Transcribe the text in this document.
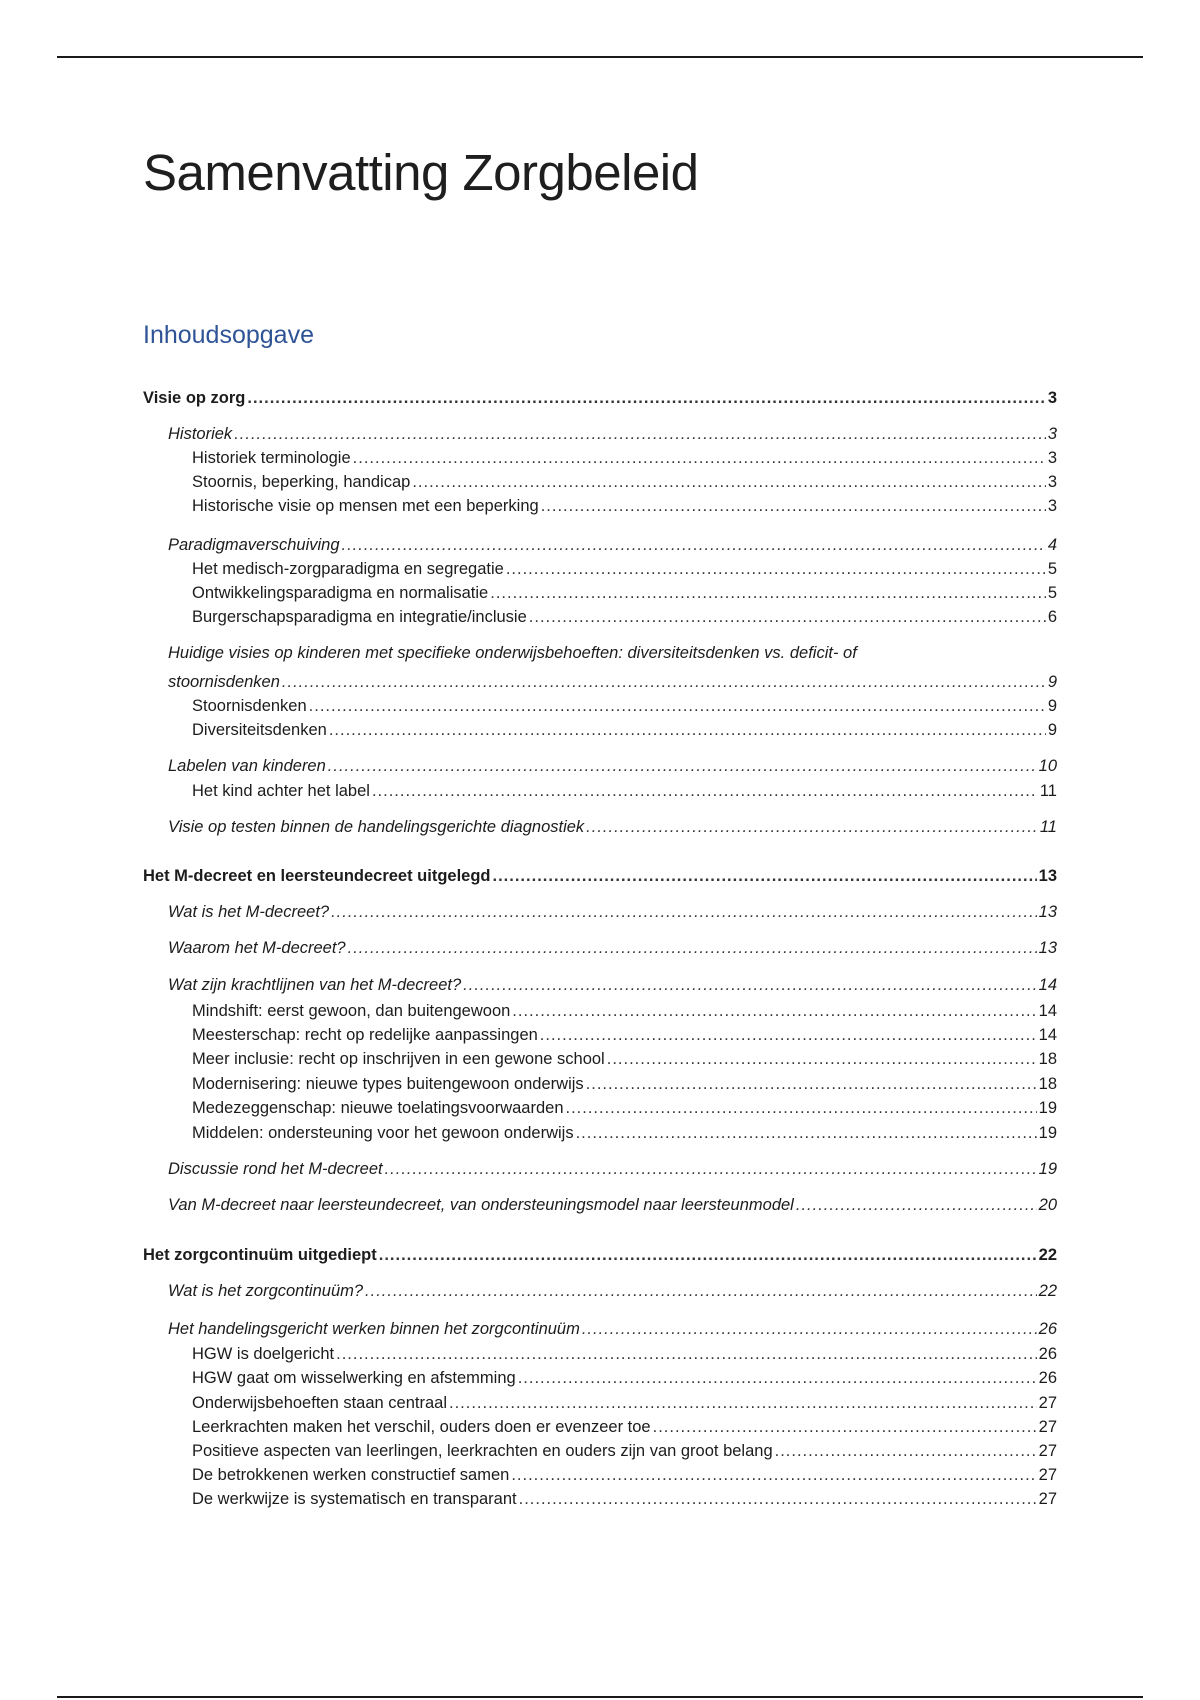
Samenvatting Zorgbeleid
Inhoudsopgave
Visie op zorg .....	3
Historiek .....	3
Historiek terminologie .....	3
Stoornis, beperking, handicap .....	3
Historische visie op mensen met een beperking .....	3
Paradigmaverschuiving .....	4
Het medisch-zorgparadigma en segregatie .....	5
Ontwikkelingsparadigma en normalisatie .....	5
Burgerschapsparadigma en integratie/inclusie .....	6
Huidige visies op kinderen met specifieke onderwijsbehoeften: diversiteitsdenken vs. deficit- of
stoornisdenken .....	9
Stoornisdenken .....	9
Diversiteitsdenken .....	9
Labelen van kinderen .....	10
Het kind achter het label .....	11
Visie op testen binnen de handelingsgerichte diagnostiek .....	11
Het M-decreet en leersteundecreet uitgelegd .....	13
Wat is het M-decreet? .....	13
Waarom het M-decreet? .....	13
Wat zijn krachtlijnen van het M-decreet? .....	14
Mindshift: eerst gewoon, dan buitengewoon .....	14
Meesterschap: recht op redelijke aanpassingen .....	14
Meer inclusie: recht op inschrijven in een gewone school .....	18
Modernisering: nieuwe types buitengewoon onderwijs .....	18
Medezeggenschap: nieuwe toelatingsvoorwaarden .....	19
Middelen: ondersteuning voor het gewoon onderwijs .....	19
Discussie rond het M-decreet .....	19
Van M-decreet naar leersteundecreet, van ondersteuningsmodel naar leersteunmodel .....	20
Het zorgcontinuüm uitgediept .....	22
Wat is het zorgcontinuüm? .....	22
Het handelingsgericht werken binnen het zorgcontinuüm .....	26
HGW is doelgericht .....	26
HGW gaat om wisselwerking en afstemming .....	26
Onderwijsbehoeften staan centraal .....	27
Leerkrachten maken het verschil, ouders doen er evenzeer toe .....	27
Positieve aspecten van leerlingen, leerkrachten en ouders zijn van groot belang .....	27
De betrokkenen werken constructief samen .....	27
De werkwijze is systematisch en transparant .....	27
